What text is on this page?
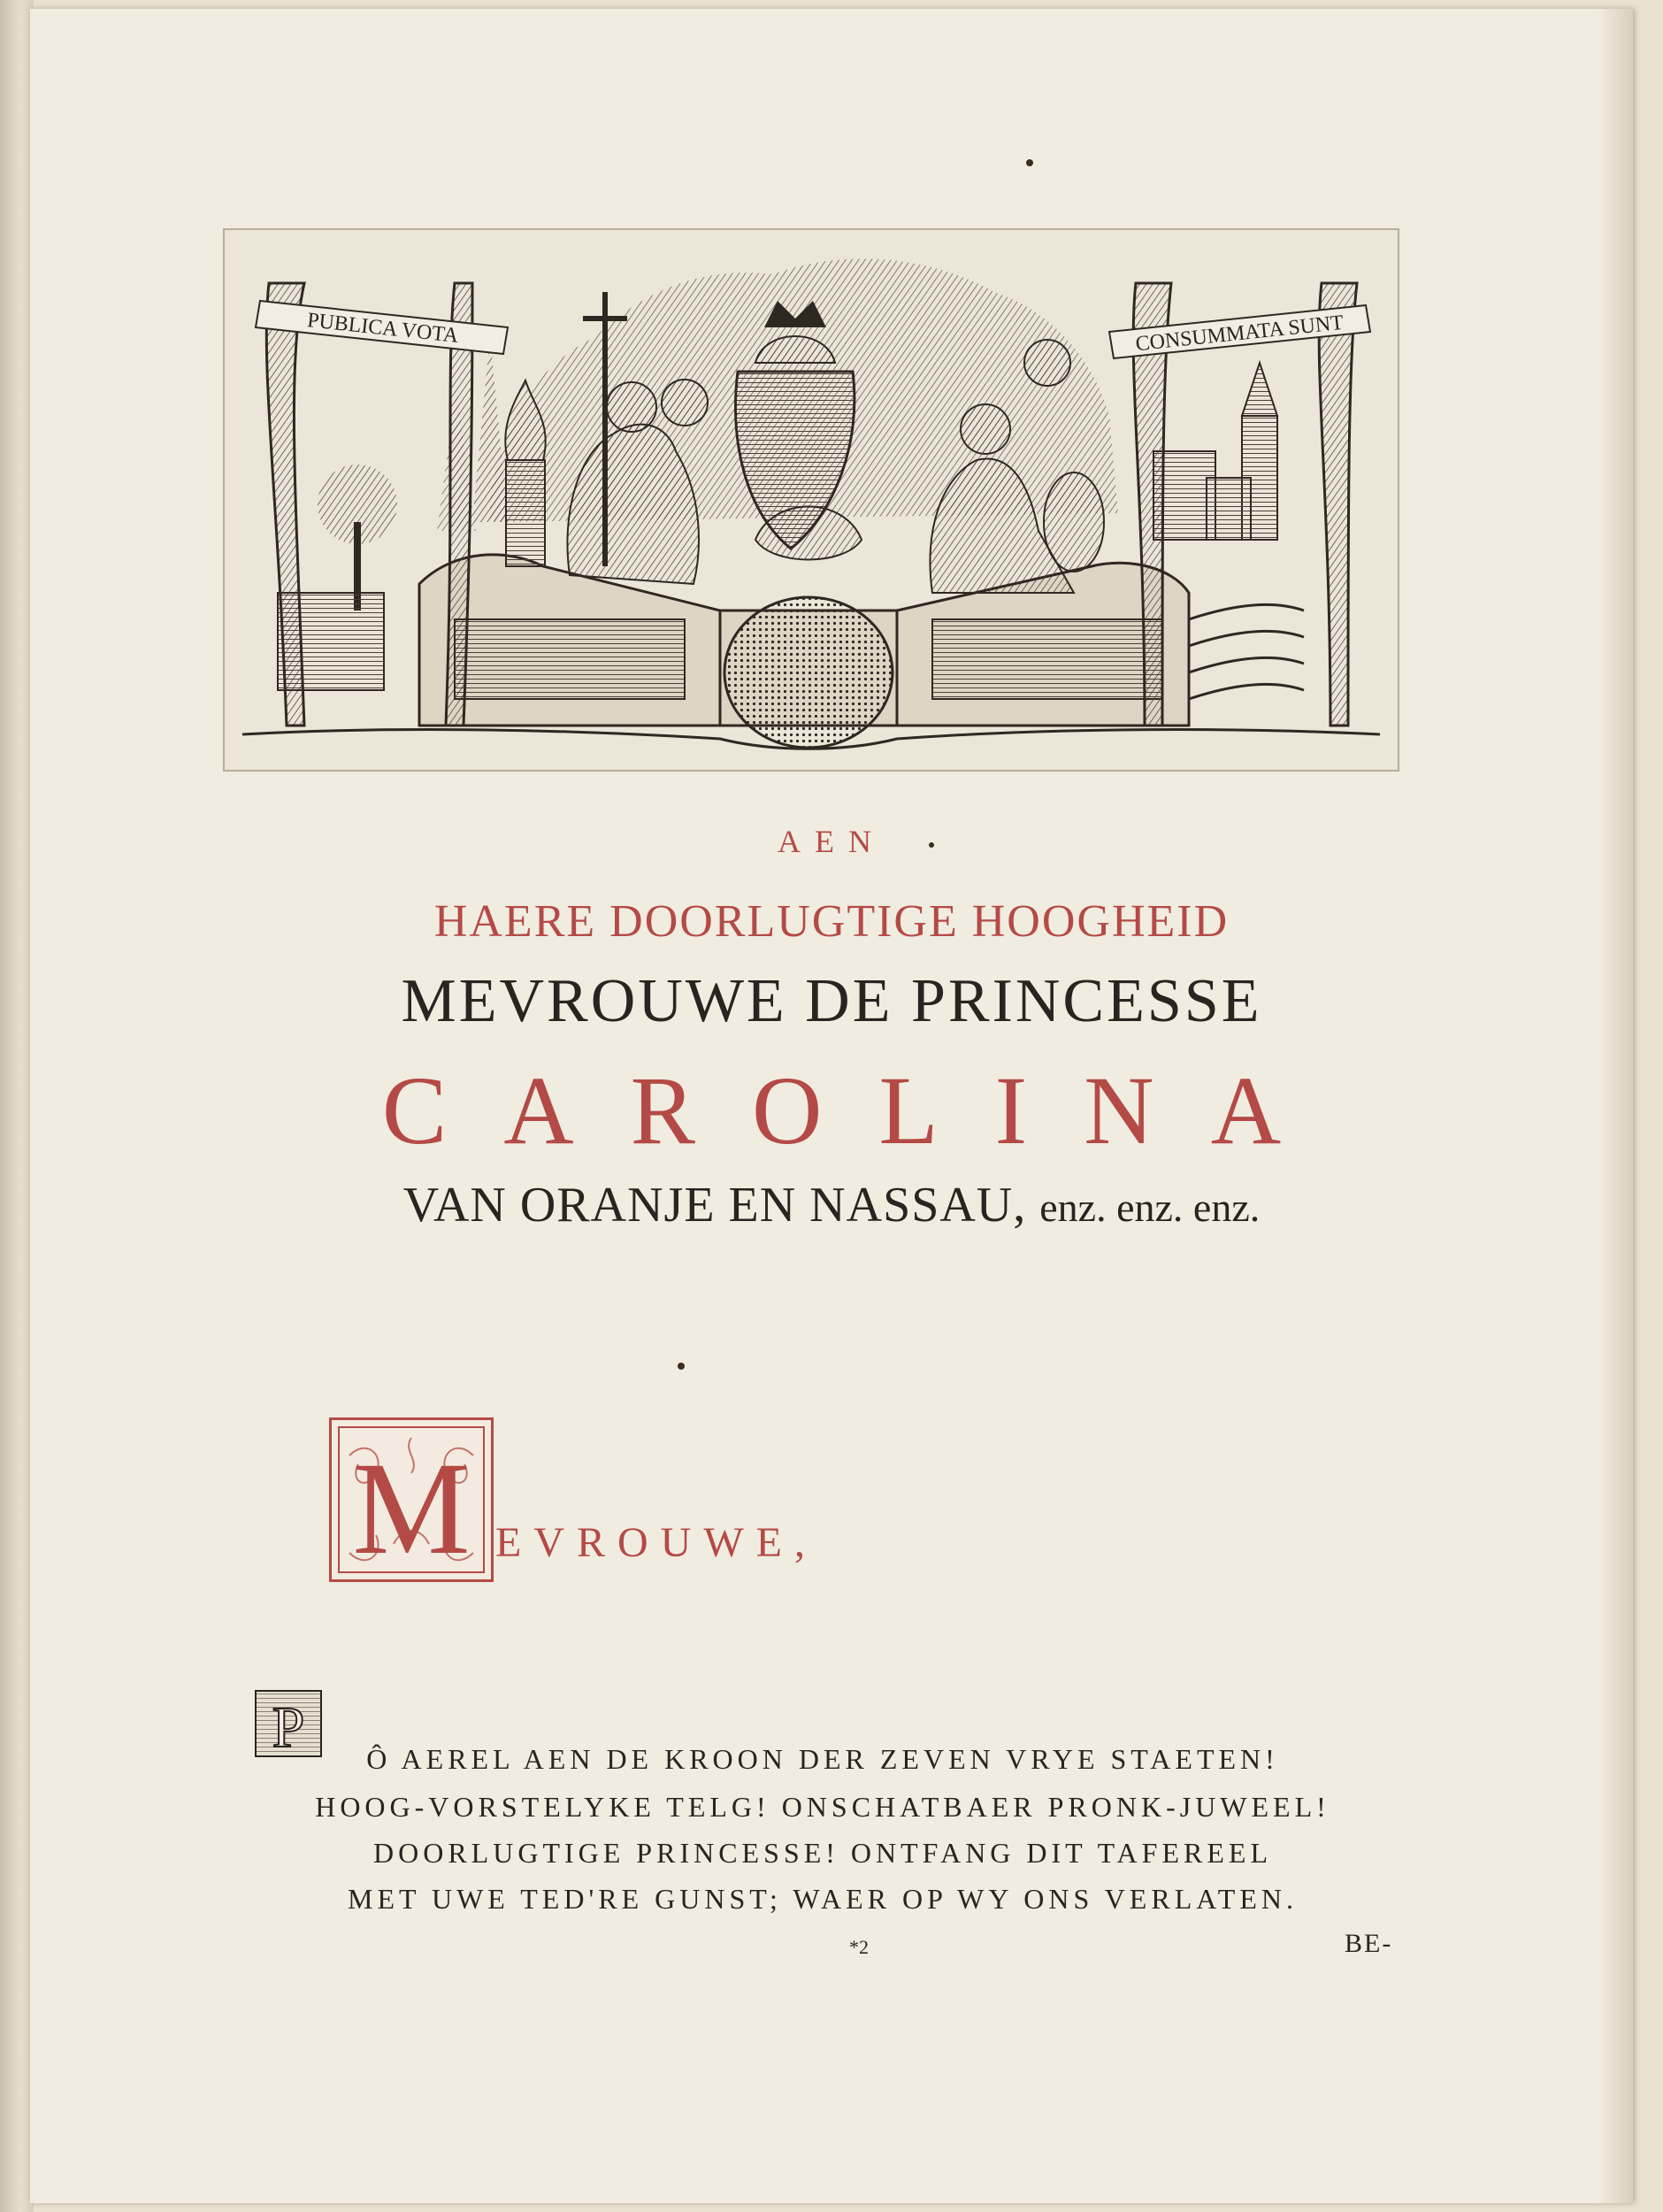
PUBLICA VOTA	CONSUMMATA SUNT
AEN
HAERE DOORLUGTIGE HOOGHEID
MEVROUWE DE PRINCESSE
CAROLINA
VAN ORANJE EN NASSAU, enz. enz. enz.
M EVROUWE,
P	Ô AEREL AEN DE KROON DER ZEVEN VRYE STAETEN!
HOOG-VORSTELYKE TELG! ONSCHATBAER PRONK-JUWEEL!
DOORLUGTIGE PRINCESSE! ONTFANG DIT TAFEREEL
MET UWE TED'RE GUNST; WAER OP WY ONS VERLATEN.
*2	BE-
